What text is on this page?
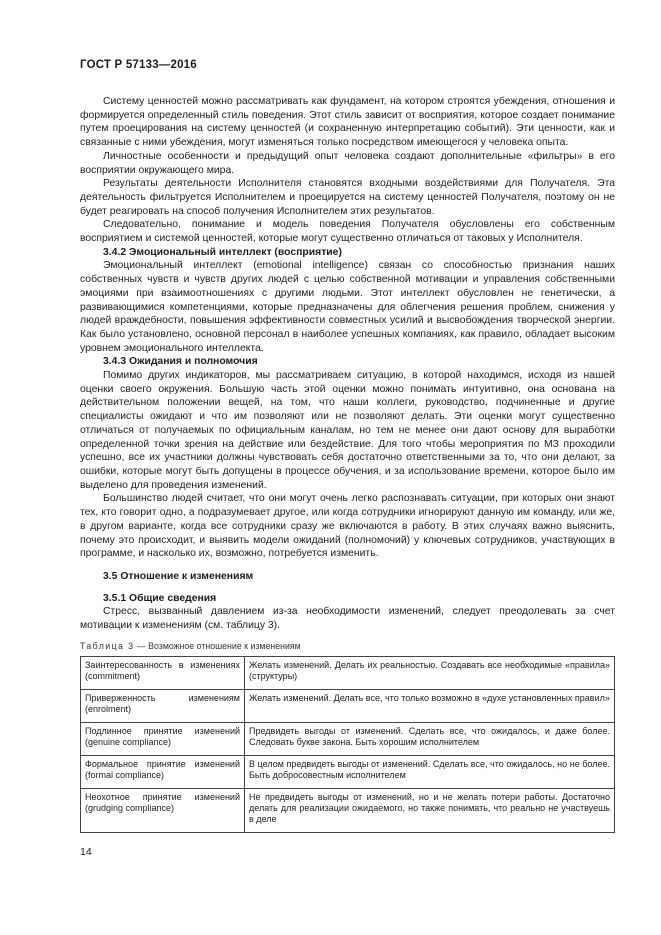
ГОСТ Р 57133—2016

Систему ценностей можно рассматривать как фундамент, на котором строятся убеждения, отношения и формируется определенный стиль поведения. Этот стиль зависит от восприятия, которое создает понимание путем проецирования на систему ценностей (и сохраненную интерпретацию событий). Эти ценности, как и связанные с ними убеждения, могут изменяться только посредством имеющегося у человека опыта.

Личностные особенности и предыдущий опыт человека создают дополнительные «фильтры» в его восприятии окружающего мира.

Результаты деятельности Исполнителя становятся входными воздействиями для Получателя. Эта деятельность фильтруется Исполнителем и проецируется на систему ценностей Получателя, поэтому он не будет реагировать на способ получения Исполнителем этих результатов.

Следовательно, понимание и модель поведения Получателя обусловлены его собственным восприятием и системой ценностей, которые могут существенно отличаться от таковых у Исполнителя.

3.4.2 Эмоциональный интеллект (восприятие)

Эмоциональный интеллект (emotional intelligence) связан со способностью признания наших собственных чувств и чувств других людей с целью собственной мотивации и управления собственными эмоциями при взаимоотношениях с другими людьми. Этот интеллект обусловлен не генетически, а развивающимися компетенциями, которые предназначены для облегчения решения проблем, снижения у людей враждебности, повышения эффективности совместных усилий и высвобождения творческой энергии. Как было установлено, основной персонал в наиболее успешных компаниях, как правило, обладает высоким уровнем эмоционального интеллекта.

3.4.3 Ожидания и полномочия

Помимо других индикаторов, мы рассматриваем ситуацию, в которой находимся, исходя из нашей оценки своего окружения. Большую часть этой оценки можно понимать интуитивно, она основана на действительном положении вещей, на том, что наши коллеги, руководство, подчиненные и другие специалисты ожидают и что им позволяют или не позволяют делать. Эти оценки могут существенно отличаться от получаемых по официальным каналам, но тем не менее они дают основу для выработки определенной точки зрения на действие или бездействие. Для того чтобы мероприятия по МЗ проходили успешно, все их участники должны чувствовать себя достаточно ответственными за то, что они делают, за ошибки, которые могут быть допущены в процессе обучения, и за использование времени, которое было им выделено для проведения изменений.

Большинство людей считает, что они могут очень легко распознавать ситуации, при которых они знают тех, кто говорит одно, а подразумевает другое, или когда сотрудники игнорируют данную им команду, или же, в другом варианте, когда все сотрудники сразу же включаются в работу. В этих случаях важно выяснить, почему это происходит, и выявить модели ожиданий (полномочий) у ключевых сотрудников, участвующих в программе, и насколько их, возможно, потребуется изменить.

3.5 Отношение к изменениям
3.5.1 Общие сведения

Стресс, вызванный давлением из-за необходимости изменений, следует преодолевать за счет мотивации к изменениям (см. таблицу 3).

Таблица 3 — Возможное отношение к изменениям
Заинтересованность в изменениях (commitment)	Желать изменений. Делать их реальностью. Создавать все необходимые «правила» (структуры)
Приверженность изменениям (enrolment)	Желать изменений. Делать все, что только возможно в «духе установленных правил»
Подлинное принятие изменений (genuine compliance)	Предвидеть выгоды от изменений. Сделать все, что ожидалось, и даже более. Следовать букве закона. Быть хорошим исполнителем
Формальное принятие изменений (formal compliance)	В целом предвидеть выгоды от изменений. Сделать все, что ожидалось, но не более. Быть добросовестным исполнителем
Неохотное принятие изменений (grudging compliance)	Не предвидеть выгоды от изменений, но и не желать потери работы. Достаточно делать для реализации ожидаемого, но также понимать, что реально не участвуешь в деле
14
